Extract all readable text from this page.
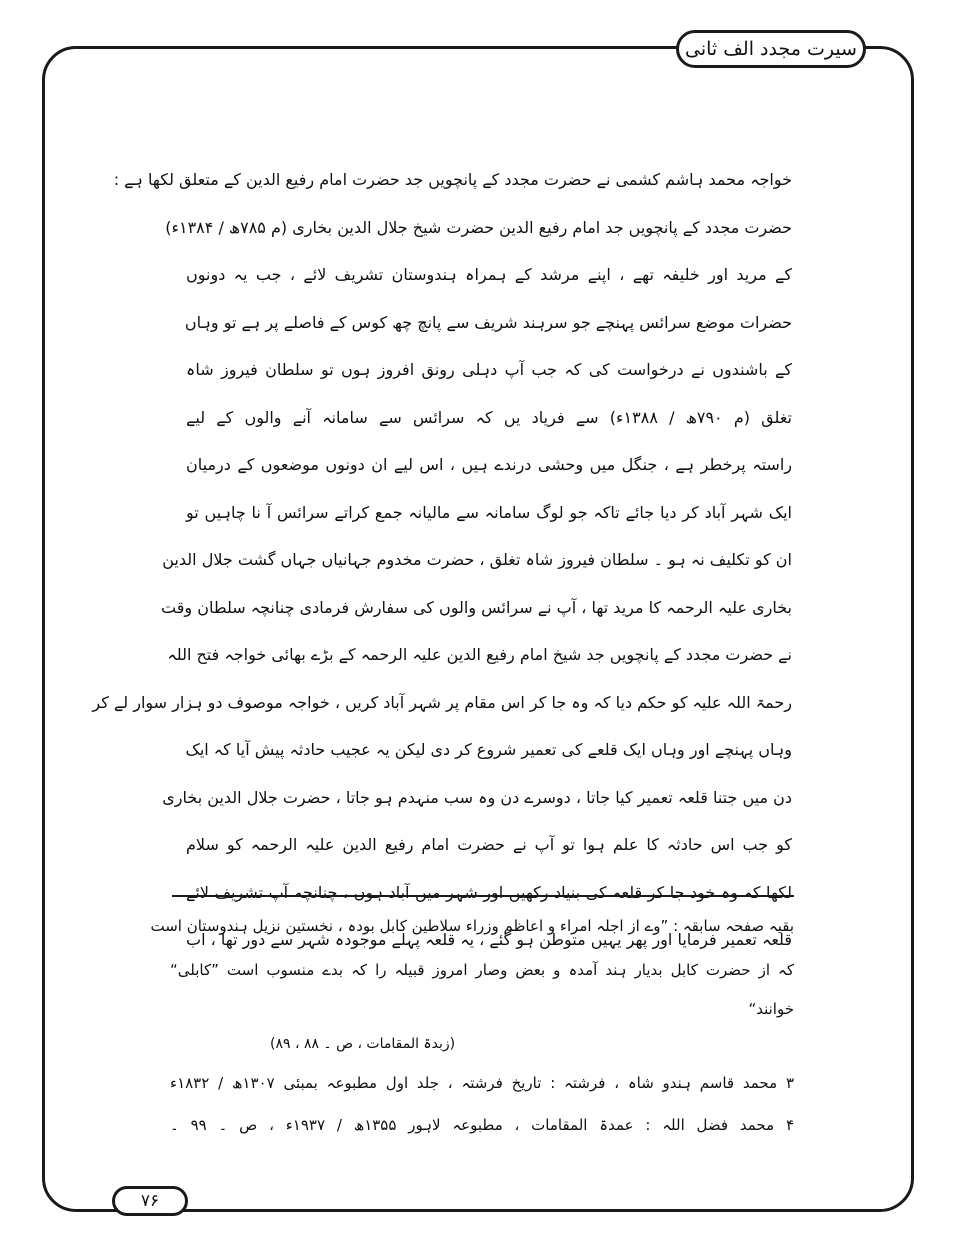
سیرت مجدد الف ثانی
خواجہ محمد ہاشم کشمی نے حضرت مجدد کے پانچویں جد حضرت امام رفیع الدین کے متعلق لکھا ہے :
حضرت مجدد کے پانچویں جد امام رفیع الدین حضرت شیخ جلال الدین بخاری (م ۷۸۵ھ / ۱۳۸۴ء)
کے مرید اور خلیفہ تھے ، اپنے مرشد کے ہمراہ ہندوستان تشریف لائے ، جب یہ دونوں
حضرات موضع سرائس پہنچے جو سرہند شریف سے پانچ چھ کوس کے فاصلے پر ہے تو وہاں
کے باشندوں نے درخواست کی کہ جب آپ دہلی رونق افروز ہوں تو سلطان فیروز شاہ
تغلق (م ۷۹۰ھ / ۱۳۸۸ء) سے فریاد یں کہ سرائس سے سامانہ آنے والوں کے لیے
راستہ پرخطر ہے ، جنگل میں وحشی درندے ہیں ، اس لیے ان دونوں موضعوں کے درمیان
ایک شہر آباد کر دیا جائے تاکہ جو لوگ سامانہ سے مالیانہ جمع کراتے سرائس آ نا چاہیں تو
ان کو تکلیف نہ ہو ۔ سلطان فیروز شاہ تغلق ، حضرت مخدوم جہانیاں جہاں گشت جلال الدین
بخاری علیہ الرحمہ کا مرید تھا ، آپ نے سرائس والوں کی سفارش فرمادی چنانچہ سلطان وقت
نے حضرت مجدد کے پانچویں جد شیخ امام رفیع الدین علیہ الرحمہ کے بڑے بھائی خواجہ فتح اللہ
رحمۃ اللہ علیہ کو حکم دیا کہ وہ جا کر اس مقام پر شہر آباد کریں ، خواجہ موصوف دو ہزار سوار لے کر
وہاں پہنچے اور وہاں ایک قلعے کی تعمیر شروع کر دی لیکن یہ عجیب حادثہ پیش آیا کہ ایک
دن میں جتنا قلعہ تعمیر کیا جاتا ، دوسرے دن وہ سب منہدم ہو جاتا ، حضرت جلال الدین بخاری
کو جب اس حادثہ کا علم ہوا تو آپ نے حضرت امام رفیع الدین علیہ الرحمہ کو سلام
لکھا کہ وہ خود جا کر قلعہ کی بنیاد رکھیں اور شہر میں آباد ہوں ، چنانچہ آپ تشریف لائے
قلعہ تعمیر فرمایا اور پھر یہیں متوطن ہو گئے ، یہ قلعہ پہلے موجودہ شہر سے دور تھا ، اب
بقیہ صفحہ سابقہ : ”وے از اجلہ امراء و اعاظم وزراء سلاطین کابل بودہ ، نخستین نزیل ہندوستان است
کہ از حضرت کابل بدیار ہند آمدہ و بعض وصار امروز قبیلہ را کہ بدے منسوب است ”کابلی“
خوانند“
(زبدۃ المقامات ، ص ۔ ۸۸ ، ۸۹)
۳ محمد قاسم ہندو شاہ ، فرشتہ : تاریخ فرشتہ ، جلد اول مطبوعہ بمبئی ۱۳۰۷ھ / ۱۸۳۲ء
۴ محمد فضل اللہ : عمدۃ المقامات ، مطبوعہ لاہور ۱۳۵۵ھ / ۱۹۳۷ء ، ص ۔ ۹۹ ۔
۷۶
